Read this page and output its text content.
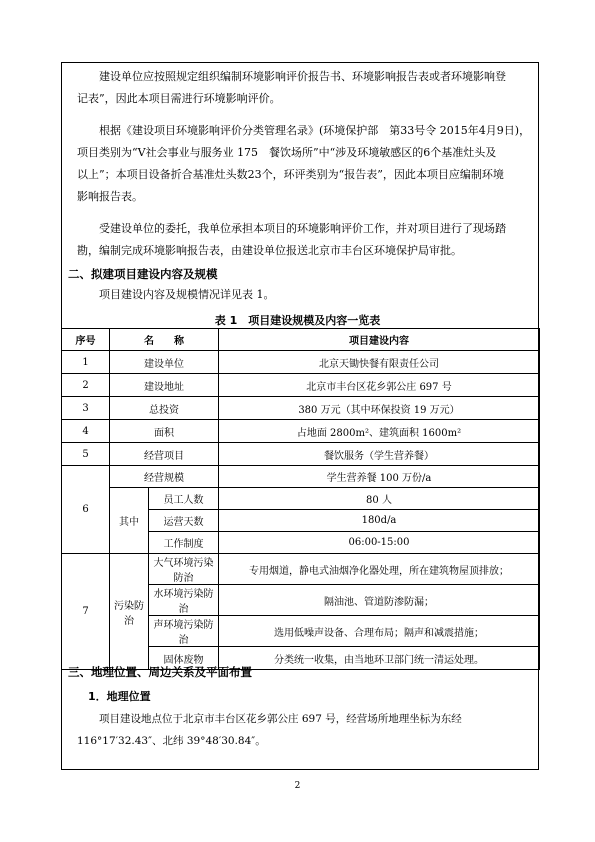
建设单位应按照规定组织编制环境影响评价报告书、环境影响报告表或者环境影响登
记表”，因此本项目需进行环境影响评价。
根据《建设项目环境影响评价分类管理名录》(环境保护部　第33号令 2015年4月9日)，
项目类别为“V社会事业与服务业 175　餐饮场所”中“涉及环境敏感区的6个基准灶头及
以上”；本项目设备折合基准灶头数23个，环评类别为“报告表”，因此本项目应编制环境
影响报告表。
受建设单位的委托，我单位承担本项目的环境影响评价工作，并对项目进行了现场踏
勘，编制完成环境影响报告表，由建设单位报送北京市丰台区环境保护局审批。
二、拟建项目建设内容及规模
项目建设内容及规模情况详见表 1。
表 1　项目建设规模及内容一览表
序号	名　　称		项目建设内容
1	建设单位		北京天锄快餐有限责任公司
2	建设地址		北京市丰台区花乡郭公庄 697 号
3	总投资		380 万元（其中环保投资 19 万元）
4	面积		占地面 2800m²、建筑面积 1600m²
5	经营项目		餐饮服务（学生营养餐）
6	经营规模		学生营养餐 100 万份/a
	其中	员工人数	80 人
		运营天数	180d/a
		工作制度	06:00-15:00
7	污染防治	大气环境污染防治	专用烟道，静电式油烟净化器处理，所在建筑物屋顶排放；
		水环境污染防治	隔油池、管道防渗防漏；
		声环境污染防治	选用低噪声设备、合理布局；隔声和减震措施；
		固体废物	分类统一收集，由当地环卫部门统一清运处理。
三、地理位置、周边关系及平面布置
1．地理位置
项目建设地点位于北京市丰台区花乡郭公庄 697 号，经营场所地理坐标为东经
116°17′32.43″、北纬 39°48′30.84″。
2
